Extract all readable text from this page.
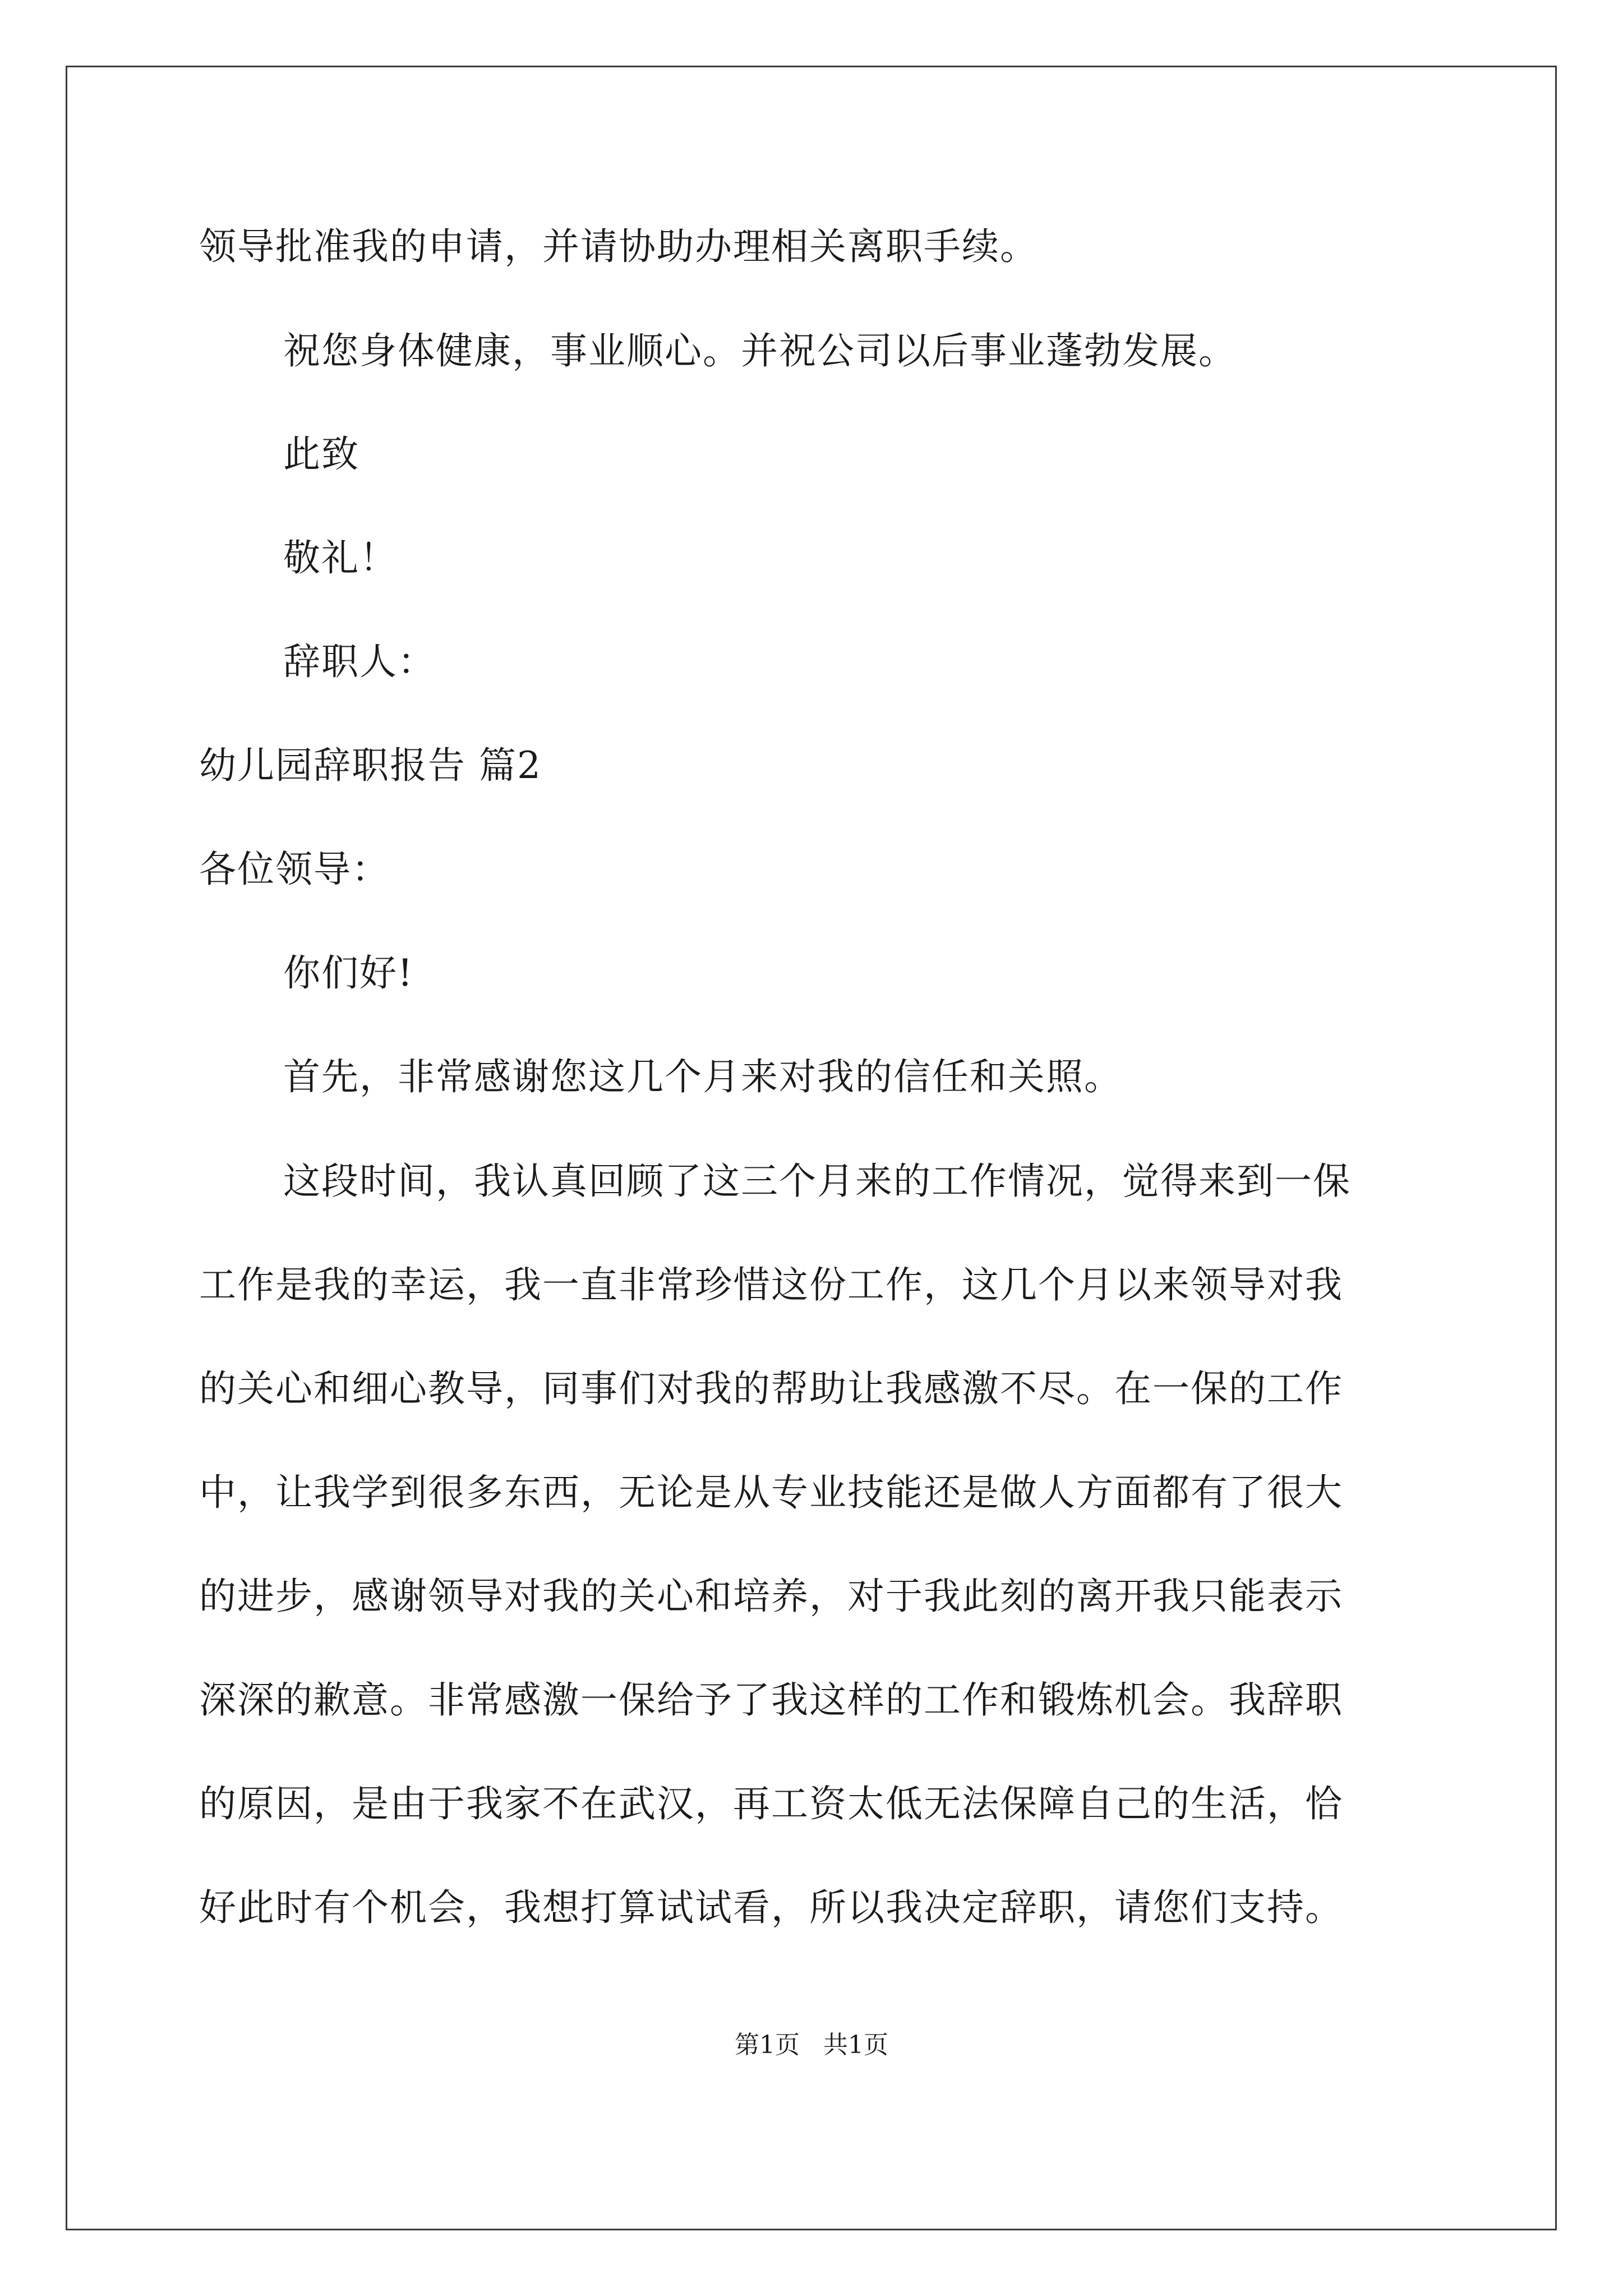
领导批准我的申请，并请协助办理相关离职手续。
祝您身体健康，事业顺心。并祝公司以后事业蓬勃发展。
此致
敬礼！
辞职人：
幼儿园辞职报告 篇2
各位领导：
你们好!
首先，非常感谢您这几个月来对我的信任和关照。
这段时间，我认真回顾了这三个月来的工作情况，觉得来到一保
工作是我的幸运，我一直非常珍惜这份工作，这几个月以来领导对我
的关心和细心教导，同事们对我的帮助让我感激不尽。在一保的工作
中，让我学到很多东西，无论是从专业技能还是做人方面都有了很大
的进步，感谢领导对我的关心和培养，对于我此刻的离开我只能表示
深深的歉意。非常感激一保给予了我这样的工作和锻炼机会。我辞职
的原因，是由于我家不在武汉，再工资太低无法保障自己的生活，恰
好此时有个机会，我想打算试试看，所以我决定辞职，请您们支持。
第1页   共1页
